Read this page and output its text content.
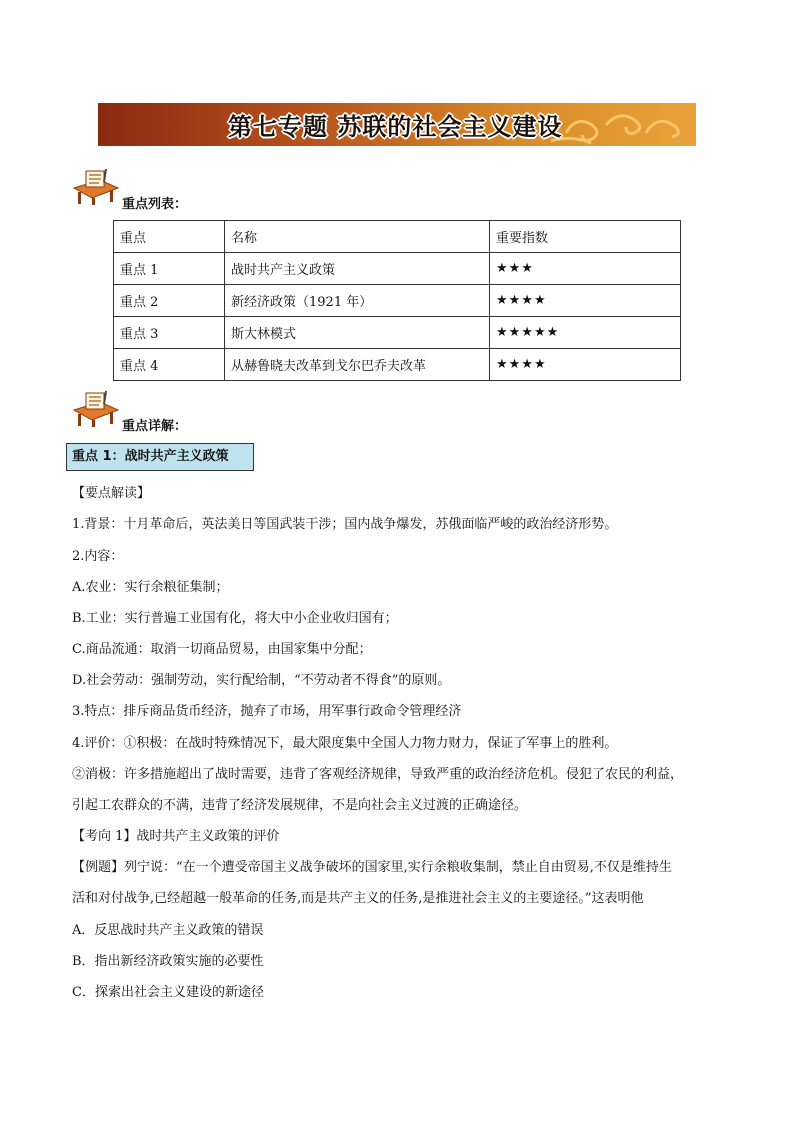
第七专题 苏联的社会主义建设
重点列表：
重点	名称	重要指数
重点 1	战时共产主义政策	★★★
重点 2	新经济政策（1921 年）	★★★★
重点 3	斯大林模式	★★★★★
重点 4	从赫鲁晓夫改革到戈尔巴乔夫改革	★★★★
重点详解：
重点 1：战时共产主义政策
【要点解读】
1.背景：十月革命后，英法美日等国武装干涉；国内战争爆发，苏俄面临严峻的政治经济形势。
2.内容：
A.农业：实行余粮征集制；
B.工业：实行普遍工业国有化，将大中小企业收归国有；
C.商品流通：取消一切商品贸易，由国家集中分配；
D.社会劳动：强制劳动，实行配给制，“不劳动者不得食”的原则。
3.特点：排斥商品货币经济，抛弃了市场，用军事行政命令管理经济
4.评价：①积极：在战时特殊情况下，最大限度集中全国人力物力财力，保证了军事上的胜利。
②消极：许多措施超出了战时需要，违背了客观经济规律，导致严重的政治经济危机。侵犯了农民的利益，
引起工农群众的不满，违背了经济发展规律，不是向社会主义过渡的正确途径。
【考向 1】战时共产主义政策的评价
【例题】列宁说：“在一个遭受帝国主义战争破坏的国家里,实行余粮收集制，禁止自由贸易,不仅是维持生
活和对付战争,已经超越一般革命的任务,而是共产主义的任务,是推进社会主义的主要途径。”这表明他
A．反思战时共产主义政策的错误
B．指出新经济政策实施的必要性
C．探索出社会主义建设的新途径
